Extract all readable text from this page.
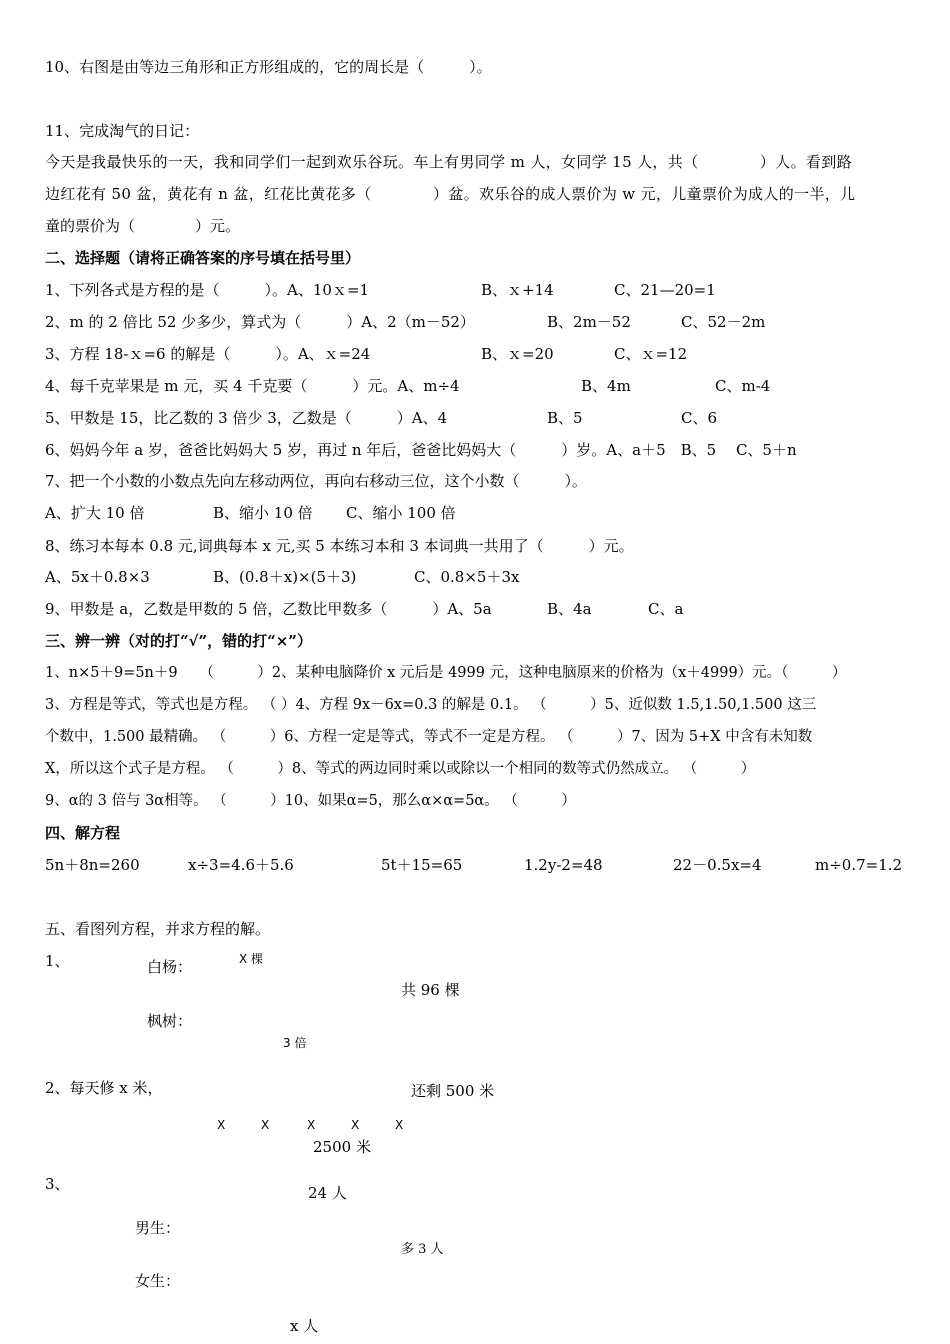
10、右图是由等边三角形和正方形组成的，它的周长是（　　　）。
11、完成淘气的日记：
今天是我最快乐的一天，我和同学们一起到欢乐谷玩。车上有男同学 m 人，女同学 15 人，共（　　　　）人。看到路
边红花有 50 盆，黄花有 n 盆，红花比黄花多（　　　　）盆。欢乐谷的成人票价为 w 元，儿童票价为成人的一半，儿
童的票价为（　　　　）元。
二、选择题（请将正确答案的序号填在括号里）
1、下列各式是方程的是（　　　）。A、10ｘ=1	B、ｘ+14	C、21—20=1
2、m 的 2 倍比 52 少多少，算式为（　　　）A、2（m－52）	B、2m－52	C、52－2m
3、方程 18-ｘ=6 的解是（　　　）。A、ｘ=24	B、ｘ=20	C、ｘ=12
4、每千克苹果是 m 元，买 4 千克要（　　　）元。A、m÷4	B、4m	C、m-4
5、甲数是 15，比乙数的 3 倍少 3，乙数是（　　　）A、4	B、5	C、6
6、妈妈今年 a 岁，爸爸比妈妈大 5 岁，再过 n 年后，爸爸比妈妈大（　　　）岁。A、a＋5　B、5　 C、5＋n
7、把一个小数的小数点先向左移动两位，再向右移动三位，这个小数（　　　）。
A、扩大 10 倍	B、缩小 10 倍 C、缩小 100 倍
8、练习本每本 0.8 元,词典每本 x 元,买 5 本练习本和 3 本词典一共用了（　　　）元。
A、5x＋0.8×3	B、(0.8＋x)×(5＋3)	C、0.8×5＋3x
9、甲数是 a，乙数是甲数的 5 倍，乙数比甲数多（　　　）A、5a	B、4a	C、a
三、辨一辨（对的打“√”，错的打“×”）
1、n×5＋9=5n＋9　　（　　　）2、某种电脑降价 x 元后是 4999 元，这种电脑原来的价格为（x＋4999）元。（　　　）
3、方程是等式，等式也是方程。 （ ）4、方程 9x－6x=0.3 的解是 0.1。 （　　　）5、近似数 1.5,1.50,1.500 这三
个数中，1.500 最精确。 （　　　）6、方程一定是等式，等式不一定是方程。 （　　　）7、因为 5+X 中含有未知数
X，所以这个式子是方程。 （　　　）8、等式的两边同时乘以或除以一个相同的数等式仍然成立。 （　　　）
9、α的 3 倍与 3α相等。 （　　　）10、如果α=5，那么α×α=5α。 （　　　）
四、解方程
5n＋8n=260	x÷3=4.6＋5.6	5t＋15=65	1.2y-2=48	22－0.5x=4	m÷0.7=1.2
五、看图列方程，并求方程的解。
1、	白杨：	X 棵
共 96 棵
枫树：
3 倍
2、每天修 x 米，	还剩 500 米
X	X	X	X	X
2500 米
3、	24 人
男生：
多 3 人
女生：
x 人
